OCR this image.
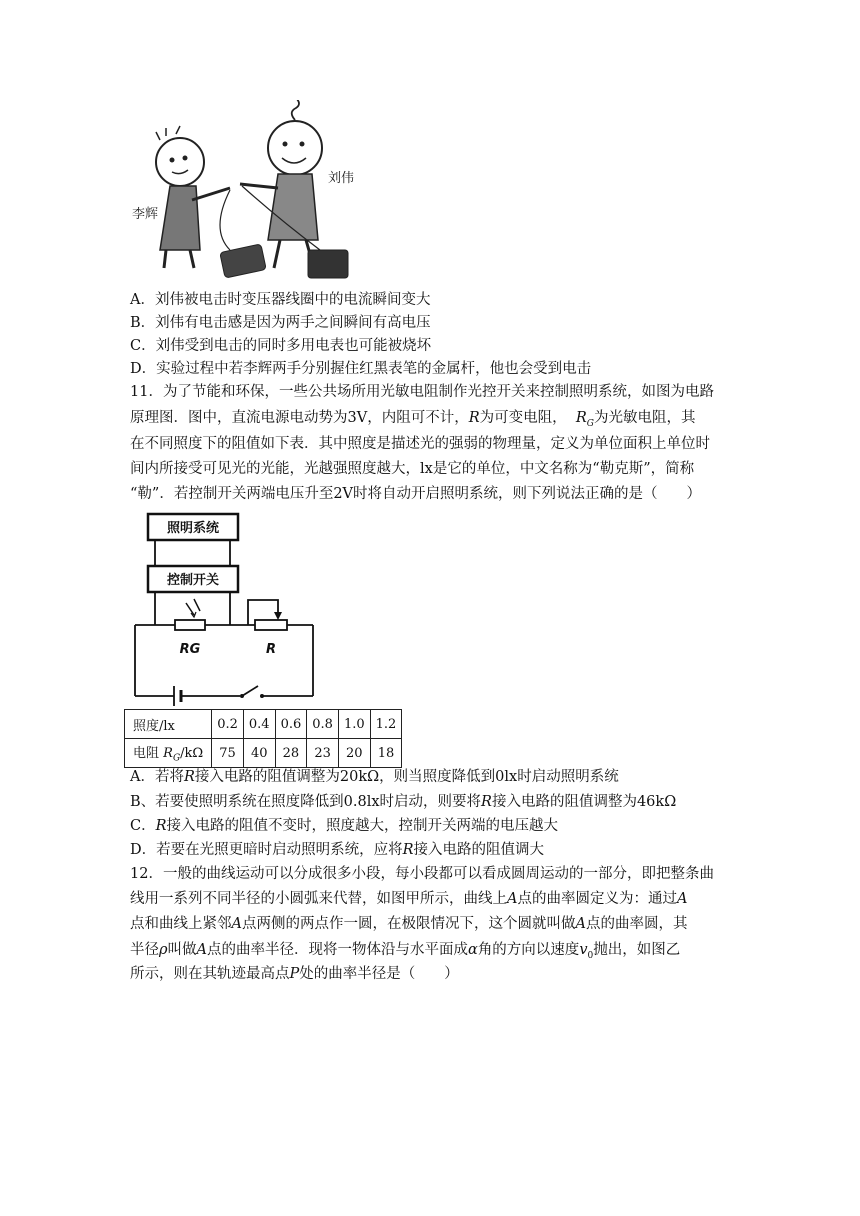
李辉
刘伟
A．刘伟被电击时变压器线圈中的电流瞬间变大
B．刘伟有电击感是因为两手之间瞬间有高电压
C．刘伟受到电击的同时多用电表也可能被烧坏
D．实验过程中若李辉两手分别握住红黑表笔的金属杆，他也会受到电击
11．为了节能和环保，一些公共场所用光敏电阻制作光控开关来控制照明系统，如图为电路
原理图．图中，直流电源电动势为3V，内阻可不计，R为可变电阻， $R_G$为光敏电阻，其
在不同照度下的阻值如下表．其中照度是描述光的强弱的物理量，定义为单位面积上单位时
间内所接受可见光的光能，光越强照度越大，lx是它的单位，中文名称为“勒克斯”，简称
“勒”．若控制开关两端电压升至2V时将自动开启照明系统，则下列说法正确的是（　　）
照明系统
控制开关
RG	R
照度/lx	0.2	0.4	0.6	0.8	1.0	1.2
电阻 $R_G/k\Omega$	75	40	28	23	20	18
A．若将R接入电路的阻值调整为20kΩ，则当照度降低到0lx时启动照明系统
B、若要使照明系统在照度降低到0.8lx时启动，则要将R接入电路的阻值调整为46kΩ
C．R接入电路的阻值不变时，照度越大，控制开关两端的电压越大
D．若要在光照更暗时启动照明系统，应将R接入电路的阻值调大
12．一般的曲线运动可以分成很多小段，每小段都可以看成圆周运动的一部分，即把整条曲
线用一系列不同半径的小圆弧来代替，如图甲所示，曲线上A点的曲率圆定义为：通过A
点和曲线上紧邻A点两侧的两点作一圆，在极限情况下，这个圆就叫做A点的曲率圆，其
半径ρ叫做A点的曲率半径．现将一物体沿与水平面成α角的方向以速度$v_0$抛出，如图乙
所示，则在其轨迹最高点P处的曲率半径是（　　）
